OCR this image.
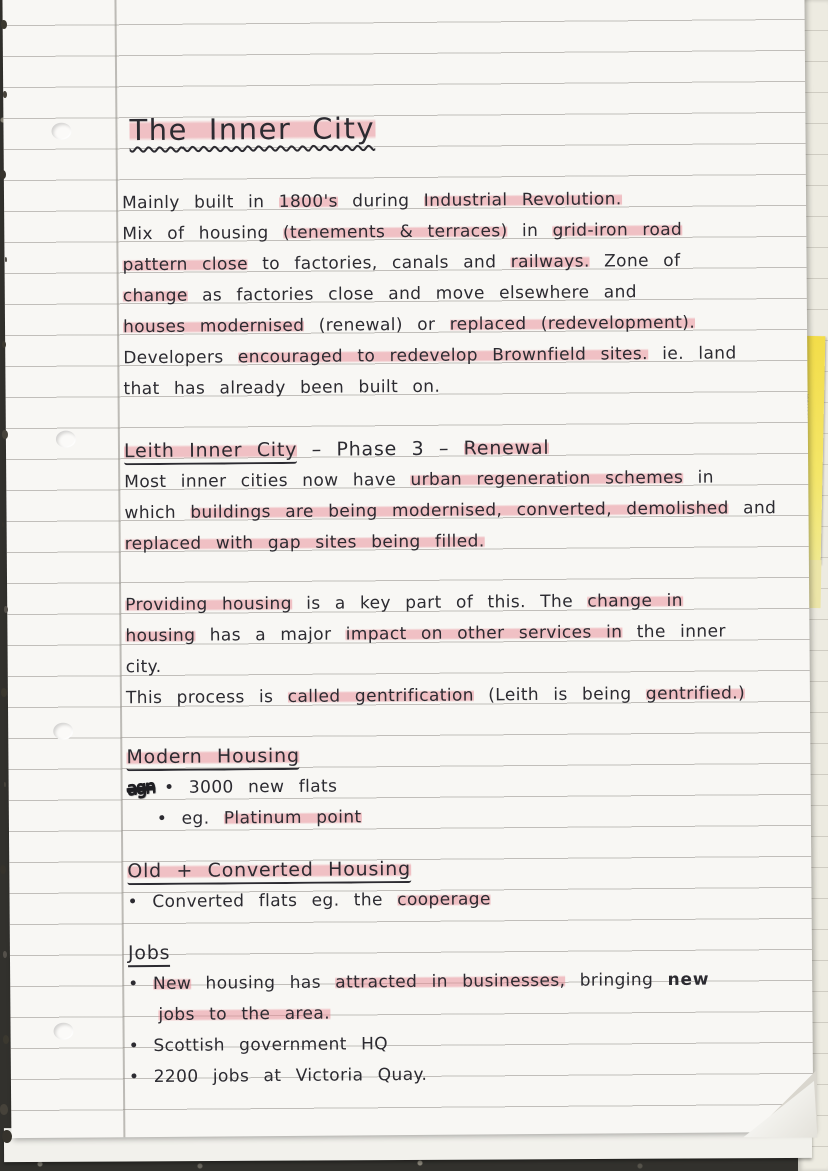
﹏﹏
The Inner City
Mainly built in 1800's during Industrial Revolution.
Mix of housing (tenements & terraces) in grid-iron road
pattern close to factories, canals and railways. Zone of
change as factories close and move elsewhere and
houses modernised (renewal) or replaced (redevelopment).
Developers encouraged to redevelop Brownfield sites. ie. land
that has already been built on.
Leith Inner City – Phase 3 – Renewal
Most inner cities now have urban regeneration schemes in
which buildings are being modernised, converted, demolished and
replaced with gap sites being filled.
Providing housing is a key part of this. The change in
housing has a major impact on other services in the inner
city.
This process is called gentrification (Leith is being gentrified.)
Modern Housing
agn • 3000 new flats
• eg. Platinum point
Old + Converted Housing
• Converted flats eg. the cooperage
Jobs
• New housing has attracted in businesses, bringing new
jobs to the area.
• Scottish government HQ
• 2200 jobs at Victoria Quay.
